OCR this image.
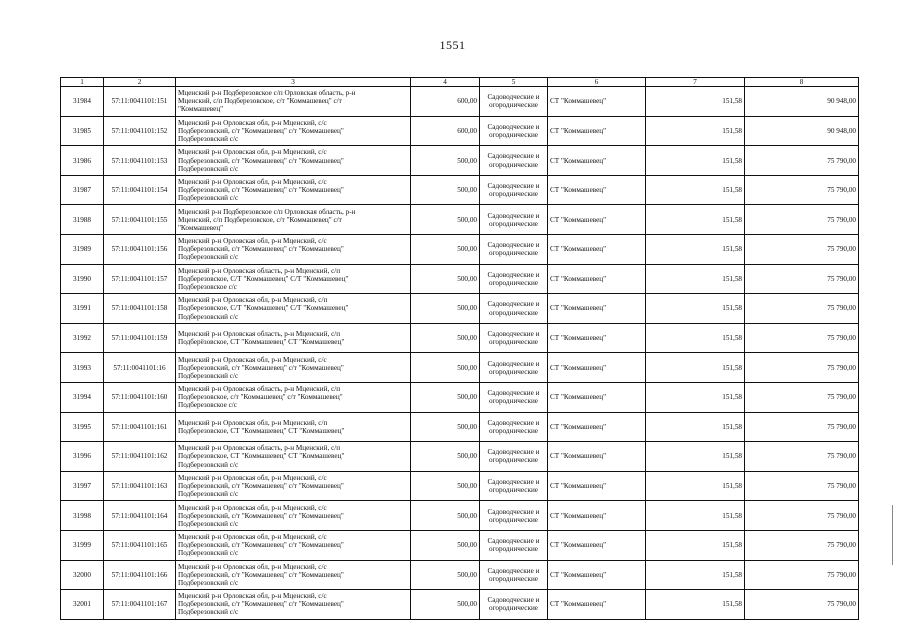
1551
1	2	3	4	5	6	7	8
31984	57:11:0041101:151	Мценский р-н Подберезовское с/п Орловская область, р-н
Мценский, с/п Подберезовское, с/т "Коммашевец" с/т
"Коммашевец"	600,00	Садоводческие и
огороднические	СТ "Коммашевец"	151,58	90 948,00
31985	57:11:0041101:152	Мценский р-н Орловская обл, р-н Мценский, с/с
Подберезовский, с/т "Коммашевец" с/т "Коммашевец"
Подберезовский с/с	600,00	Садоводческие и
огороднические	СТ "Коммашевец"	151,58	90 948,00
31986	57:11:0041101:153	Мценский р-н Орловская обл, р-н Мценский, с/с
Подберезовский, с/т "Коммашевец" с/т "Коммашевец"
Подберезовский с/с	500,00	Садоводческие и
огороднические	СТ "Коммашевец"	151,58	75 790,00
31987	57:11:0041101:154	Мценский р-н Орловская обл, р-н Мценский, с/с
Подберезовский, с/т "Коммашевец" с/т "Коммашевец"
Подберезовский с/с	500,00	Садоводческие и
огороднические	СТ "Коммашевец"	151,58	75 790,00
31988	57:11:0041101:155	Мценский р-н Подберезовское с/п Орловская область, р-н
Мценский, с/п Подберезовское, с/т "Коммашевец" с/т
"Коммашевец"	500,00	Садоводческие и
огороднические	СТ "Коммашевец"	151,58	75 790,00
31989	57:11:0041101:156	Мценский р-н Орловская обл, р-н Мценский, с/с
Подберезовский, с/т "Коммашевец" с/т "Коммашевец"
Подберезовский с/с	500,00	Садоводческие и
огороднические	СТ "Коммашевец"	151,58	75 790,00
31990	57:11:0041101:157	Мценский р-н Орловская область, р-н Мценский, с/п
Подберезовское, С/Т "Коммашевец" С/Т "Коммашевец"
Подберезовское с/с	500,00	Садоводческие и
огороднические	СТ "Коммашевец"	151,58	75 790,00
31991	57:11:0041101:158	Мценский р-н Орловская обл, р-н Мценский, с/п
Подберезовское, С/Т "Коммашевец" С/Т "Коммашевец"
Подберезовский с/с	500,00	Садоводческие и
огороднические	СТ "Коммашевец"	151,58	75 790,00
31992	57:11:0041101:159	Мценский р-н Орловская область, р-н Мценский, с/п
Подберёзовское, СТ "Коммашевец" СТ "Коммашевец"	500,00	Садоводческие и
огороднические	СТ "Коммашевец"	151,58	75 790,00
31993	57:11:0041101:16	Мценский р-н Орловская обл, р-н Мценский, с/с
Подберезовский, с/т "Коммашевец" с/т "Коммашевец"
Подберезовский с/с	500,00	Садоводческие и
огороднические	СТ "Коммашевец"	151,58	75 790,00
31994	57:11:0041101:160	Мценский р-н Орловская область, р-н Мценский, с/п
Подберезовское, с/т "Коммашевец" с/т "Коммашевец"
Подберезовское с/с	500,00	Садоводческие и
огороднические	СТ "Коммашевец"	151,58	75 790,00
31995	57:11:0041101:161	Мценский р-н Орловская обл, р-н Мценский, с/п
Подберезовское, СТ "Коммашевец" СТ "Коммашевец"	500,00	Садоводческие и
огороднические	СТ "Коммашевец"	151,58	75 790,00
31996	57:11:0041101:162	Мценский р-н Орловская область, р-н Мценский, с/п
Подберезовское, СТ "Коммашевец" СТ "Коммашевец"
Подберезовский с/с	500,00	Садоводческие и
огороднические	СТ "Коммашевец"	151,58	75 790,00
31997	57:11:0041101:163	Мценский р-н Орловская обл, р-н Мценский, с/с
Подберезовский, с/т "Коммашевец" с/т "Коммашевец"
Подберезовский с/с	500,00	Садоводческие и
огороднические	СТ "Коммашевец"	151,58	75 790,00
31998	57:11:0041101:164	Мценский р-н Орловская обл, р-н Мценский, с/с
Подберезовский, с/т "Коммашевец" с/т "Коммашевец"
Подберезовский с/с	500,00	Садоводческие и
огороднические	СТ "Коммашевец"	151,58	75 790,00
31999	57:11:0041101:165	Мценский р-н Орловская обл, р-н Мценский, с/с
Подберезовский, с/т "Коммашевец" с/т "Коммашевец"
Подберезовский с/с	500,00	Садоводческие и
огороднические	СТ "Коммашевец"	151,58	75 790,00
32000	57:11:0041101:166	Мценский р-н Орловская обл, р-н Мценский, с/с
Подберезовский, с/т "Коммашевец" с/т "Коммашевец"
Подберезовский с/с	500,00	Садоводческие и
огороднические	СТ "Коммашевец"	151,58	75 790,00
32001	57:11:0041101:167	Мценский р-н Орловская обл, р-н Мценский, с/с
Подберезовский, с/т "Коммашевец" с/т "Коммашевец"
Подберезовский с/с	500,00	Садоводческие и
огороднические	СТ "Коммашевец"	151,58	75 790,00
